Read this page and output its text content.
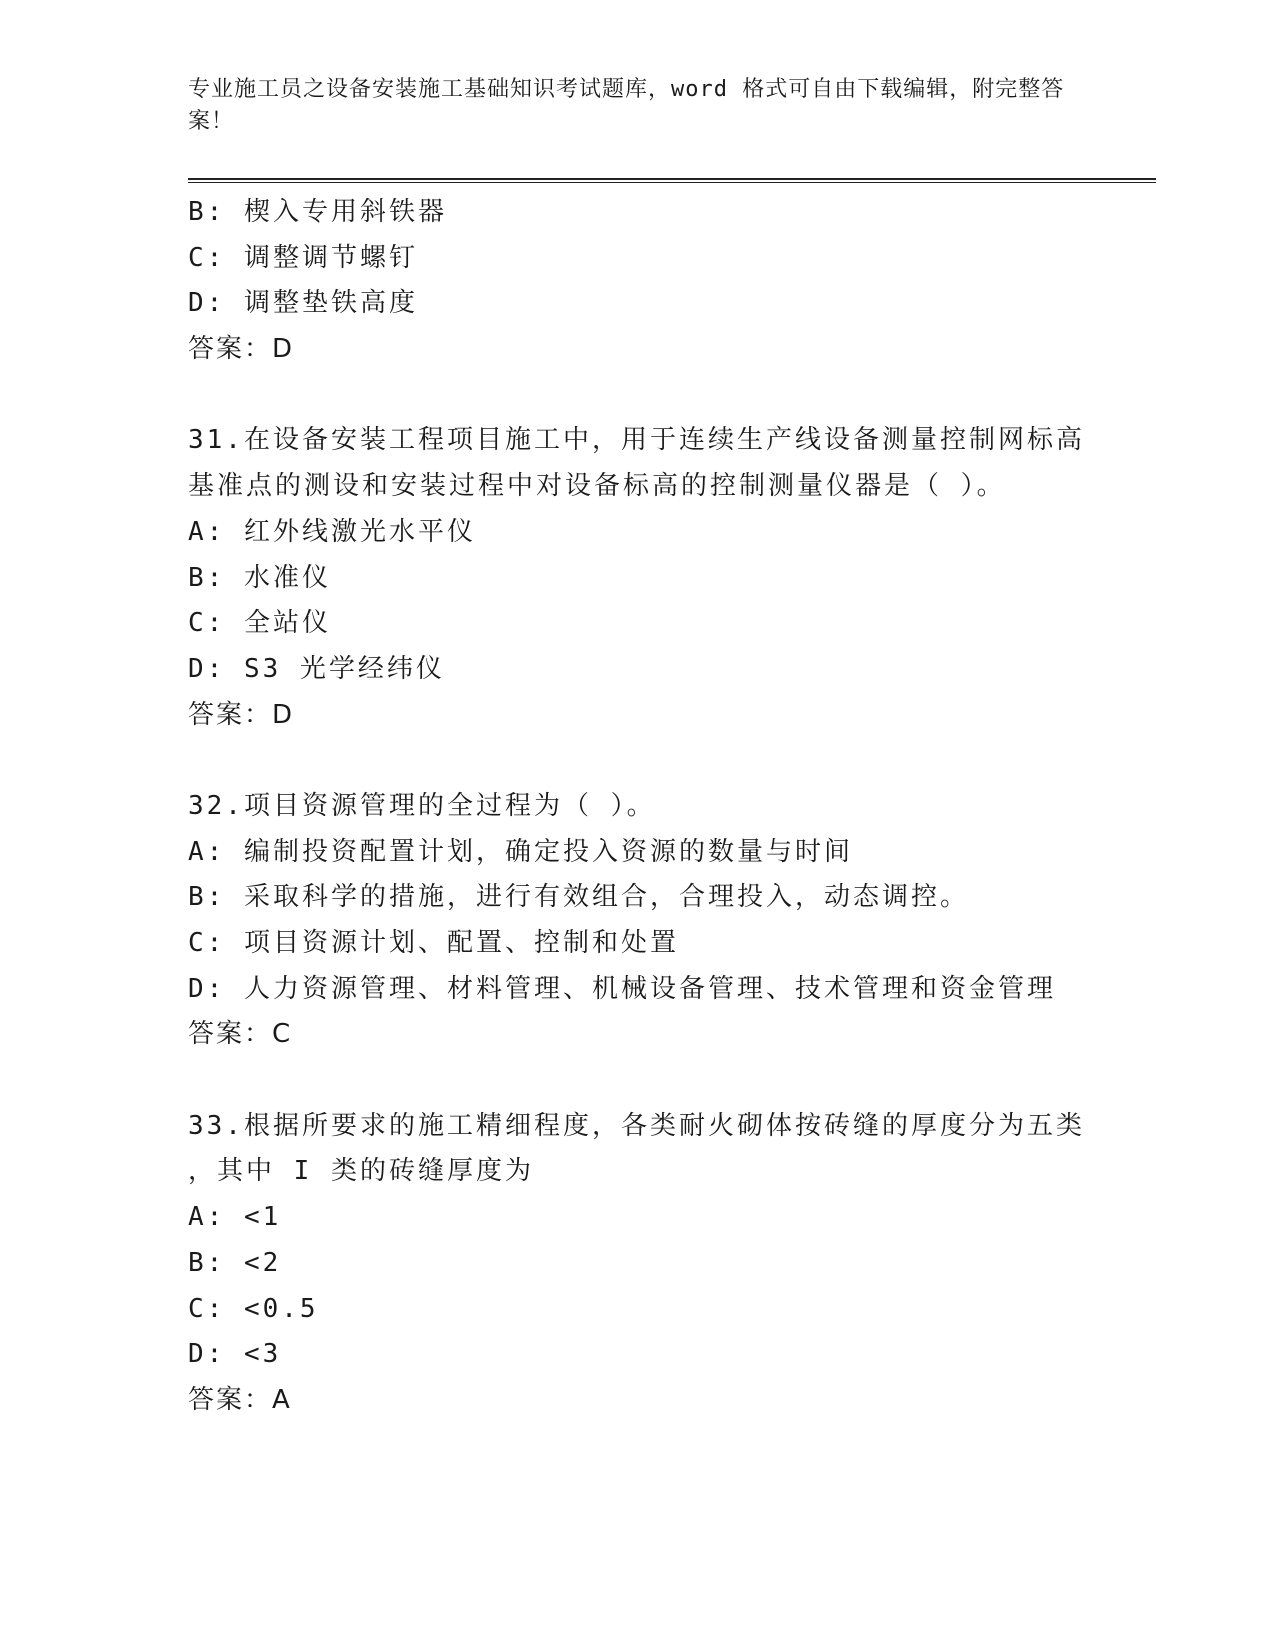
专业施工员之设备安装施工基础知识考试题库，word 格式可自由下载编辑，附完整答案！
B: 楔入专用斜铁器
C: 调整调节螺钉
D: 调整垫铁高度
答案：D
31.在设备安装工程项目施工中，用于连续生产线设备测量控制网标高
基准点的测设和安装过程中对设备标高的控制测量仪器是（ ）。
A: 红外线激光水平仪
B: 水准仪
C: 全站仪
D: S3 光学经纬仪
答案：D
32.项目资源管理的全过程为（ ）。
A: 编制投资配置计划，确定投入资源的数量与时间
B: 采取科学的措施，进行有效组合，合理投入，动态调控。
C: 项目资源计划、配置、控制和处置
D: 人力资源管理、材料管理、机械设备管理、技术管理和资金管理
答案：C
33.根据所要求的施工精细程度，各类耐火砌体按砖缝的厚度分为五类
，其中 I 类的砖缝厚度为
A: <1
B: <2
C: <0.5
D: <3
答案：A
